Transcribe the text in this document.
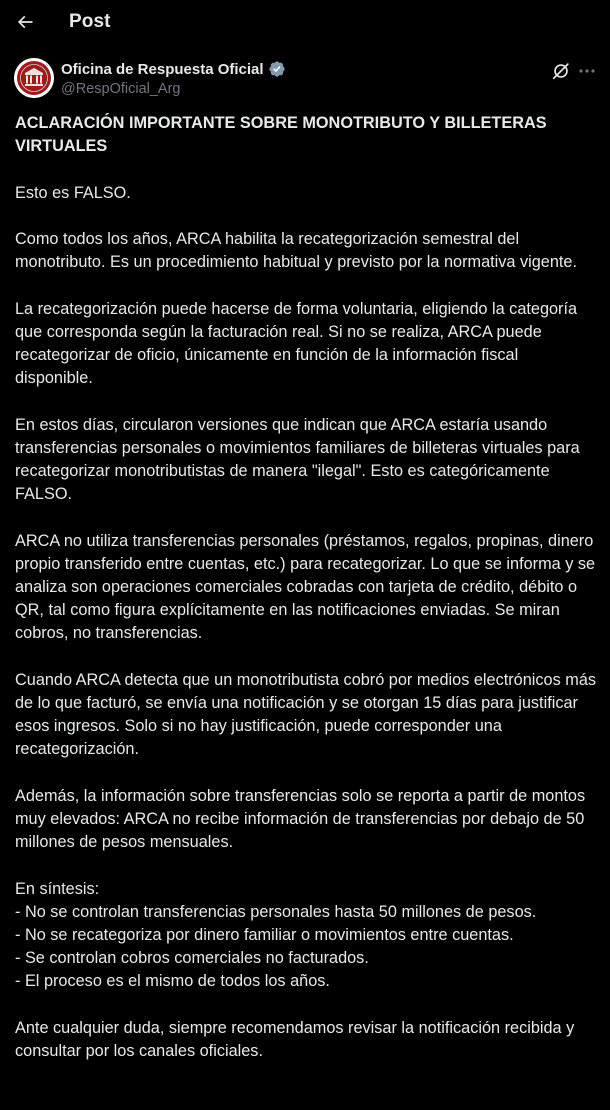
Post
Oficina de Respuesta Oficial
@RespOficial_Arg

ACLARACIÓN IMPORTANTE SOBRE MONOTRIBUTO Y BILLETERAS VIRTUALES

Esto es FALSO.

Como todos los años, ARCA habilita la recategorización semestral del monotributo. Es un procedimiento habitual y previsto por la normativa vigente.

La recategorización puede hacerse de forma voluntaria, eligiendo la categoría que corresponda según la facturación real. Si no se realiza, ARCA puede recategorizar de oficio, únicamente en función de la información fiscal disponible.

En estos días, circularon versiones que indican que ARCA estaría usando transferencias personales o movimientos familiares de billeteras virtuales para recategorizar monotributistas de manera "ilegal". Esto es categóricamente FALSO.

ARCA no utiliza transferencias personales (préstamos, regalos, propinas, dinero propio transferido entre cuentas, etc.) para recategorizar. Lo que se informa y se analiza son operaciones comerciales cobradas con tarjeta de crédito, débito o QR, tal como figura explícitamente en las notificaciones enviadas. Se miran cobros, no transferencias.

Cuando ARCA detecta que un monotributista cobró por medios electrónicos más de lo que facturó, se envía una notificación y se otorgan 15 días para justificar esos ingresos. Solo si no hay justificación, puede corresponder una recategorización.

Además, la información sobre transferencias solo se reporta a partir de montos muy elevados: ARCA no recibe información de transferencias por debajo de 50 millones de pesos mensuales.

En síntesis:
- No se controlan transferencias personales hasta 50 millones de pesos.
- No se recategoriza por dinero familiar o movimientos entre cuentas.
- Se controlan cobros comerciales no facturados.
- El proceso es el mismo de todos los años.

Ante cualquier duda, siempre recomendamos revisar la notificación recibida y consultar por los canales oficiales.
